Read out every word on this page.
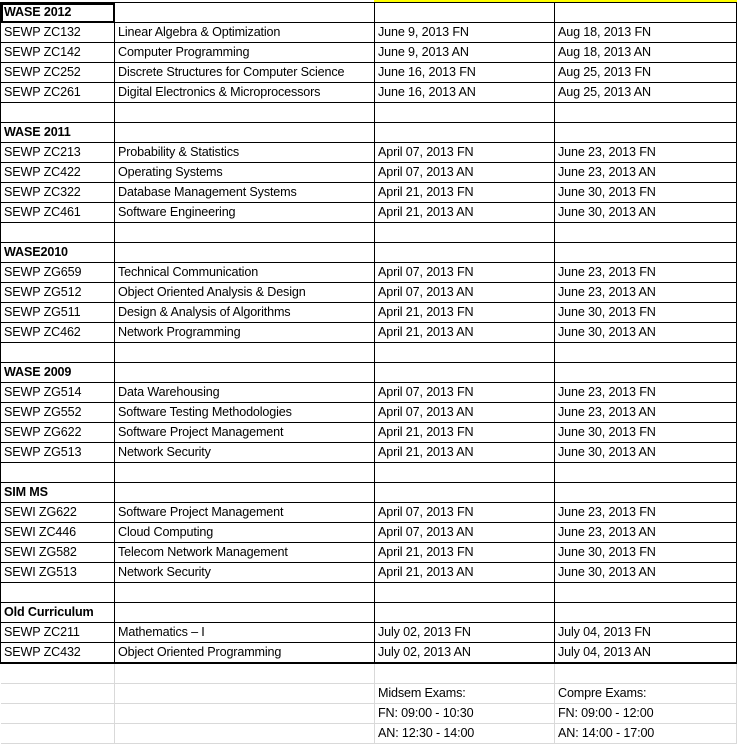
WASE 2012			
SEWP ZC132	Linear Algebra & Optimization	June 9, 2013 FN	Aug 18, 2013 FN
SEWP ZC142	Computer Programming	June 9, 2013 AN	Aug 18, 2013 AN
SEWP ZC252	Discrete Structures for Computer Science	June 16, 2013 FN	Aug 25, 2013 FN
SEWP ZC261	Digital Electronics & Microprocessors	June 16, 2013 AN	Aug 25, 2013 AN

WASE 2011			
SEWP ZC213	Probability & Statistics	April 07, 2013 FN	June 23, 2013 FN
SEWP ZC422	Operating Systems	April 07, 2013 AN	June 23, 2013 AN
SEWP ZC322	Database Management Systems	April 21, 2013 FN	June 30, 2013 FN
SEWP ZC461	Software Engineering	April 21, 2013 AN	June 30, 2013 AN

WASE2010			
SEWP ZG659	Technical Communication	April 07, 2013 FN	June 23, 2013 FN
SEWP ZG512	Object Oriented Analysis & Design	April 07, 2013 AN	June 23, 2013 AN
SEWP ZG511	Design & Analysis of Algorithms	April 21, 2013 FN	June 30, 2013 FN
SEWP ZC462	Network Programming	April 21, 2013 AN	June 30, 2013 AN

WASE 2009			
SEWP ZG514	Data Warehousing	April 07, 2013 FN	June 23, 2013 FN
SEWP ZG552	Software Testing Methodologies	April 07, 2013 AN	June 23, 2013 AN
SEWP ZG622	Software Project Management	April 21, 2013 FN	June 30, 2013 FN
SEWP ZG513	Network Security	April 21, 2013 AN	June 30, 2013 AN

SIM MS			
SEWI ZG622	Software Project Management	April 07, 2013 FN	June 23, 2013 FN
SEWI ZC446	Cloud Computing	April 07, 2013 AN	June 23, 2013 AN
SEWI ZG582	Telecom Network Management	April 21, 2013 FN	June 30, 2013 FN
SEWI ZG513	Network Security	April 21, 2013 AN	June 30, 2013 AN

Old Curriculum			
SEWP ZC211	Mathematics – I	July 02, 2013 FN	July 04, 2013 FN
SEWP ZC432	Object Oriented Programming	July 02, 2013 AN	July 04, 2013 AN

		Midsem Exams:	Compre Exams:
		FN: 09:00 - 10:30	FN: 09:00 - 12:00
		AN: 12:30 - 14:00	AN: 14:00 - 17:00
